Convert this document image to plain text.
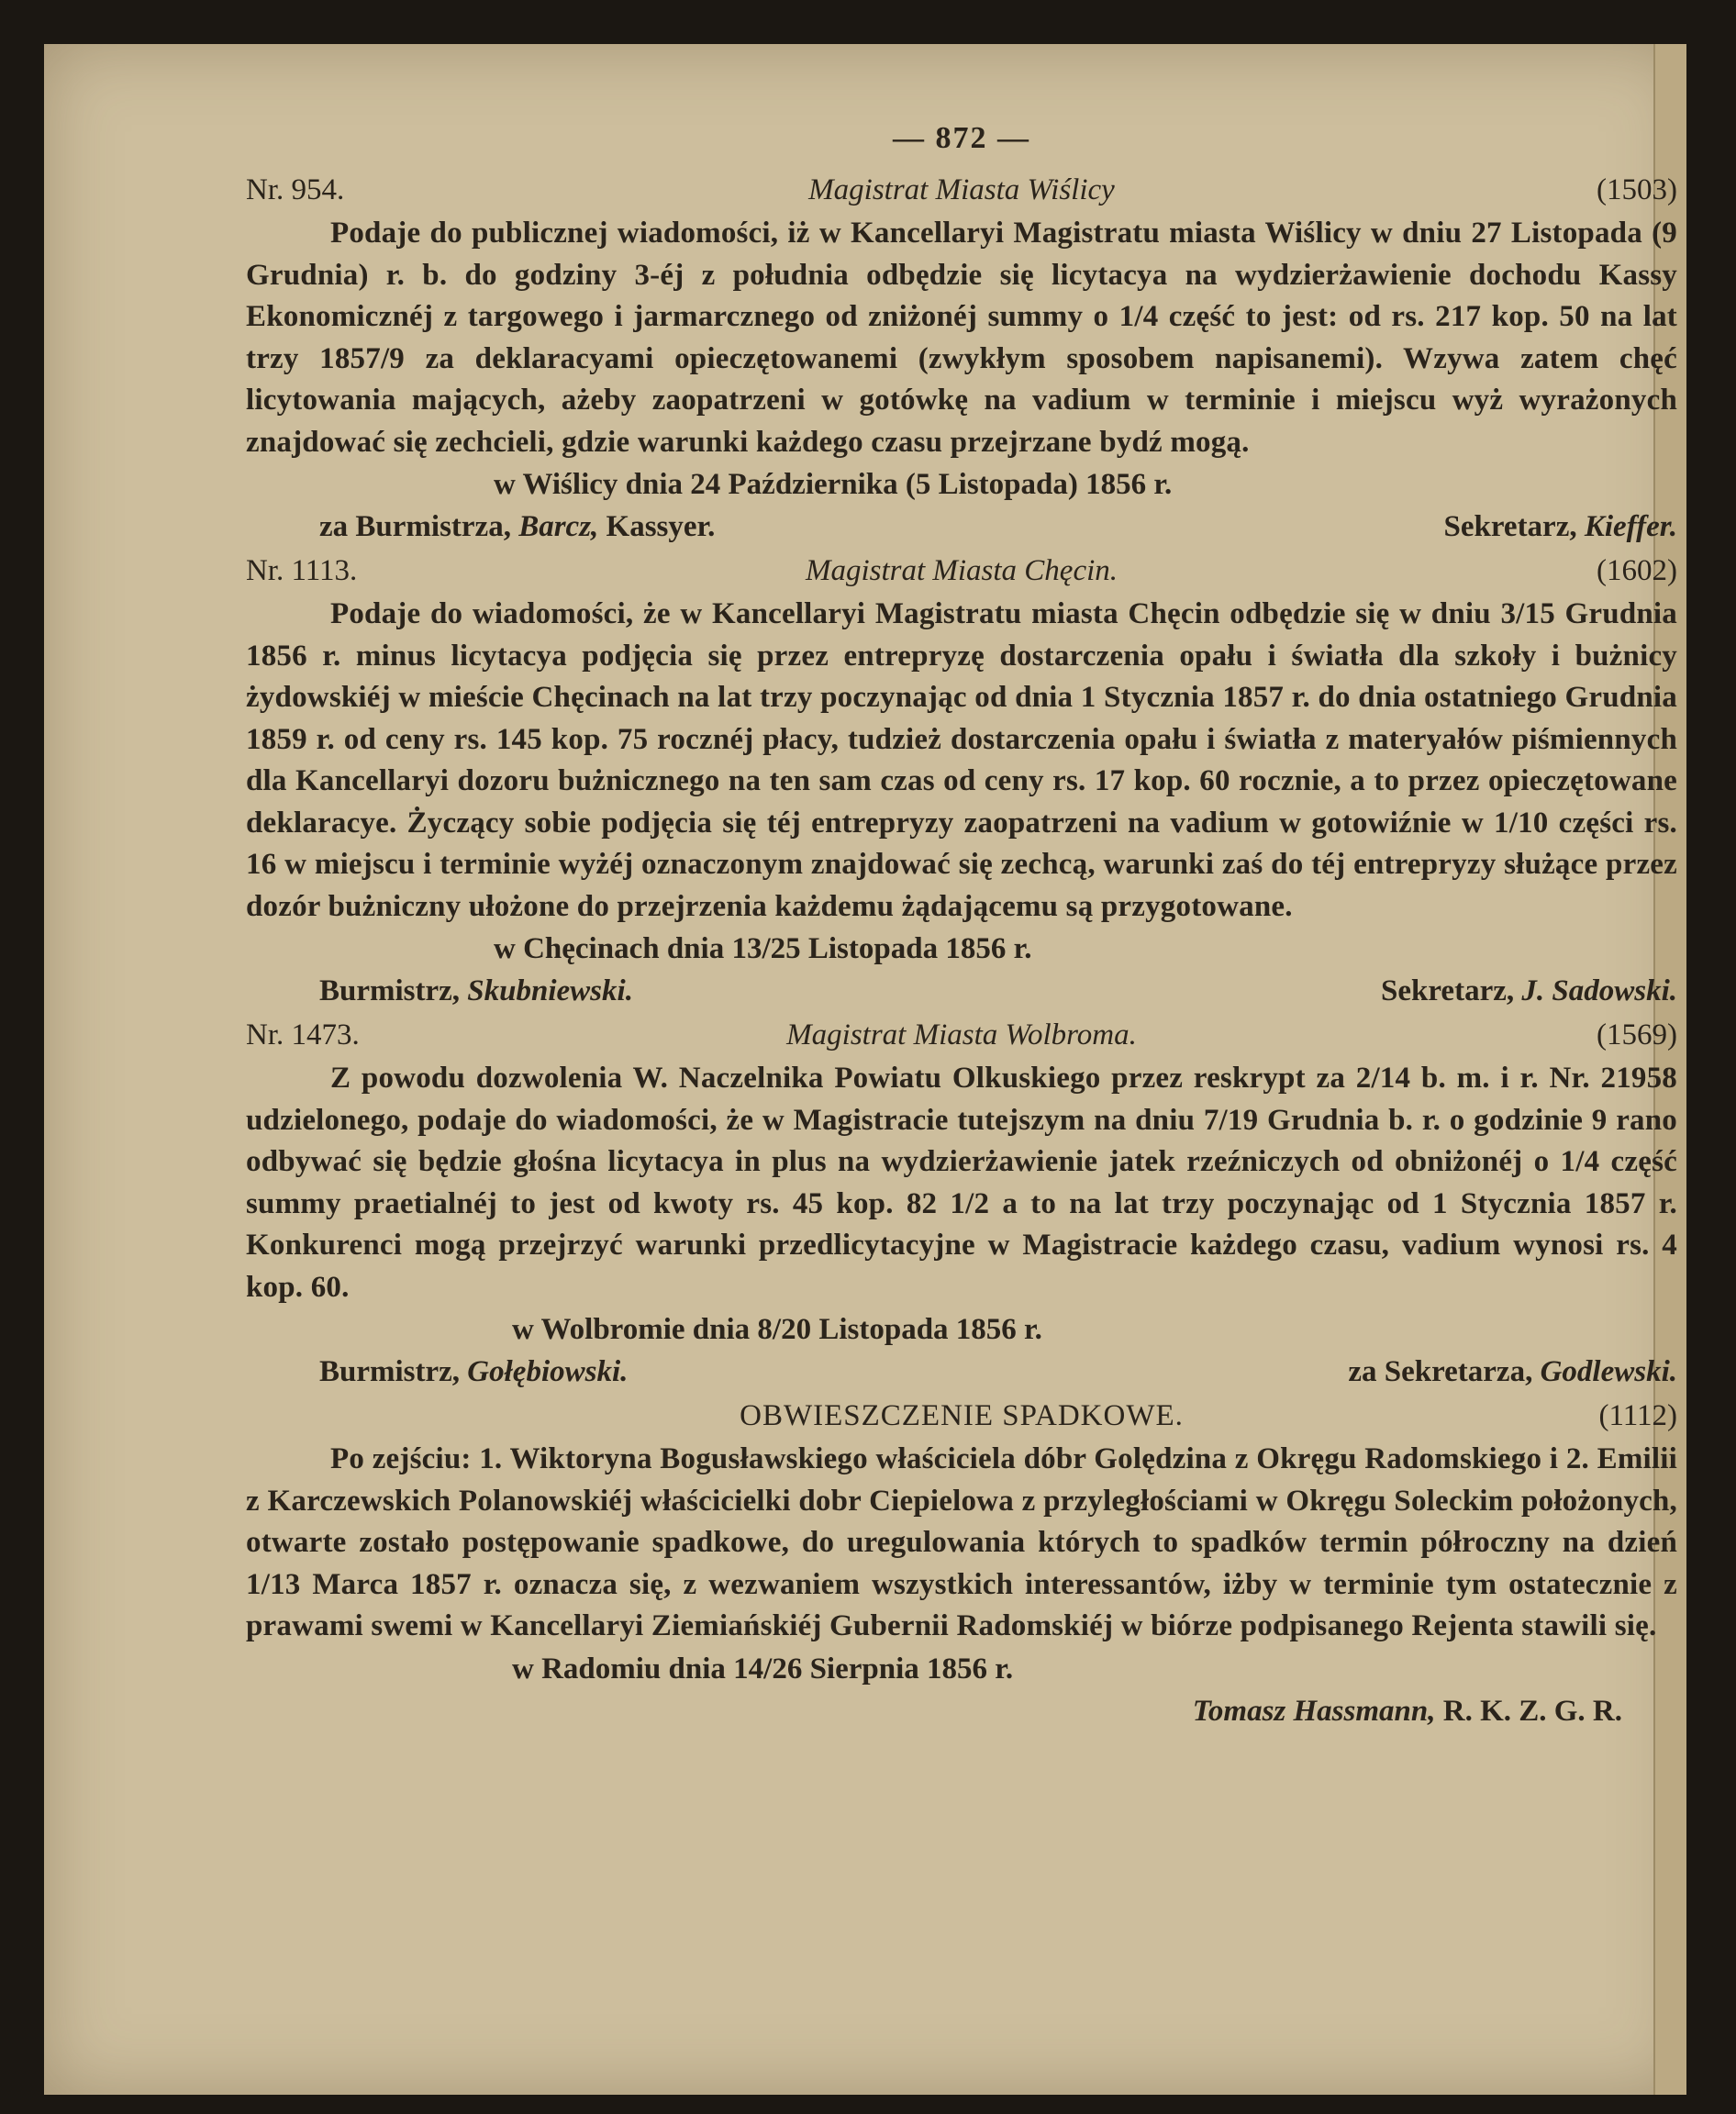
— 872 —
Nr. 954.	Magistrat Miasta Wiślicy	(1503)

Podaje do publicznej wiadomości, iż w Kancellaryi Magistratu miasta Wiślicy w dniu 27 Listopada (9 Grudnia) r. b. do godziny 3-éj z południa odbędzie się licytacya na wydzierżawienie dochodu Kassy Ekonomicznéj z targowego i jarmarcznego od zniżonéj summy o 1/4 część to jest: od rs. 217 kop. 50 na lat trzy 1857/9 za deklaracyami opieczętowanemi (zwykłym sposobem napisanemi). Wzywa zatem chęć licytowania mających, ażeby zaopatrzeni w gotówkę na vadium w terminie i miejscu wyż wyrażonych znajdować się zechcieli, gdzie warunki każdego czasu przejrzane bydź mogą.

w Wiślicy dnia 24 Października (5 Listopada) 1856 r.
za Burmistrza, Barcz, Kassyer.	Sekretarz, Kieffer.
Nr. 1113.	Magistrat Miasta Chęcin.	(1602)

Podaje do wiadomości, że w Kancellaryi Magistratu miasta Chęcin odbędzie się w dniu 3/15 Grudnia 1856 r. minus licytacya podjęcia się przez entrepryzę dostarczenia opału i światła dla szkoły i bużnicy żydowskiéj w mieście Chęcinach na lat trzy poczynając od dnia 1 Stycznia 1857 r. do dnia ostatniego Grudnia 1859 r. od ceny rs. 145 kop. 75 rocznéj płacy, tudzież dostarczenia opału i światła z materyałów piśmiennych dla Kancellaryi dozoru bużnicznego na ten sam czas od ceny rs. 17 kop. 60 rocznie, a to przez opieczętowane deklaracye. Życzący sobie podjęcia się téj entrepryzy zaopatrzeni na vadium w gotowiźnie w 1/10 części rs. 16 w miejscu i terminie wyżéj oznaczonym znajdować się zechcą, warunki zaś do téj entrepryzy służące przez dozór bużniczny ułożone do przejrzenia każdemu żądającemu są przygotowane.

w Chęcinach dnia 13/25 Listopada 1856 r.
Burmistrz, Skubniewski.	Sekretarz, J. Sadowski.
Nr. 1473.	Magistrat Miasta Wolbroma.	(1569)

Z powodu dozwolenia W. Naczelnika Powiatu Olkuskiego przez reskrypt za 2/14 b. m. i r. Nr. 21958 udzielonego, podaje do wiadomości, że w Magistracie tutejszym na dniu 7/19 Grudnia b. r. o godzinie 9 rano odbywać się będzie głośna licytacya in plus na wydzierżawienie jatek rzeźniczych od obniżonéj o 1/4 część summy praetialnéj to jest od kwoty rs. 45 kop. 82 1/2 a to na lat trzy poczynając od 1 Stycznia 1857 r. Konkurenci mogą przejrzyć warunki przedlicytacyjne w Magistracie każdego czasu, vadium wynosi rs. 4 kop. 60.

w Wolbromie dnia 8/20 Listopada 1856 r.
Burmistrz, Gołębiowski.	za Sekretarza, Godlewski.
OBWIESZCZENIE SPADKOWE.	(1112)

Po zejściu: 1. Wiktoryna Bogusławskiego właściciela dóbr Golędzina z Okręgu Radomskiego i 2. Emilii z Karczewskich Polanowskiéj właścicielki dobr Ciepielowa z przyległościami w Okręgu Soleckim położonych, otwarte zostało postępowanie spadkowe, do uregulowania których to spadków termin półroczny na dzień 1/13 Marca 1857 r. oznacza się, z wezwaniem wszystkich interessantów, iżby w terminie tym ostatecznie z prawami swemi w Kancellaryi Ziemiańskiéj Gubernii Radomskiéj w biórze podpisanego Rejenta stawili się.

w Radomiu dnia 14/26 Sierpnia 1856 r.
Tomasz Hassmann, R. K. Z. G. R.
